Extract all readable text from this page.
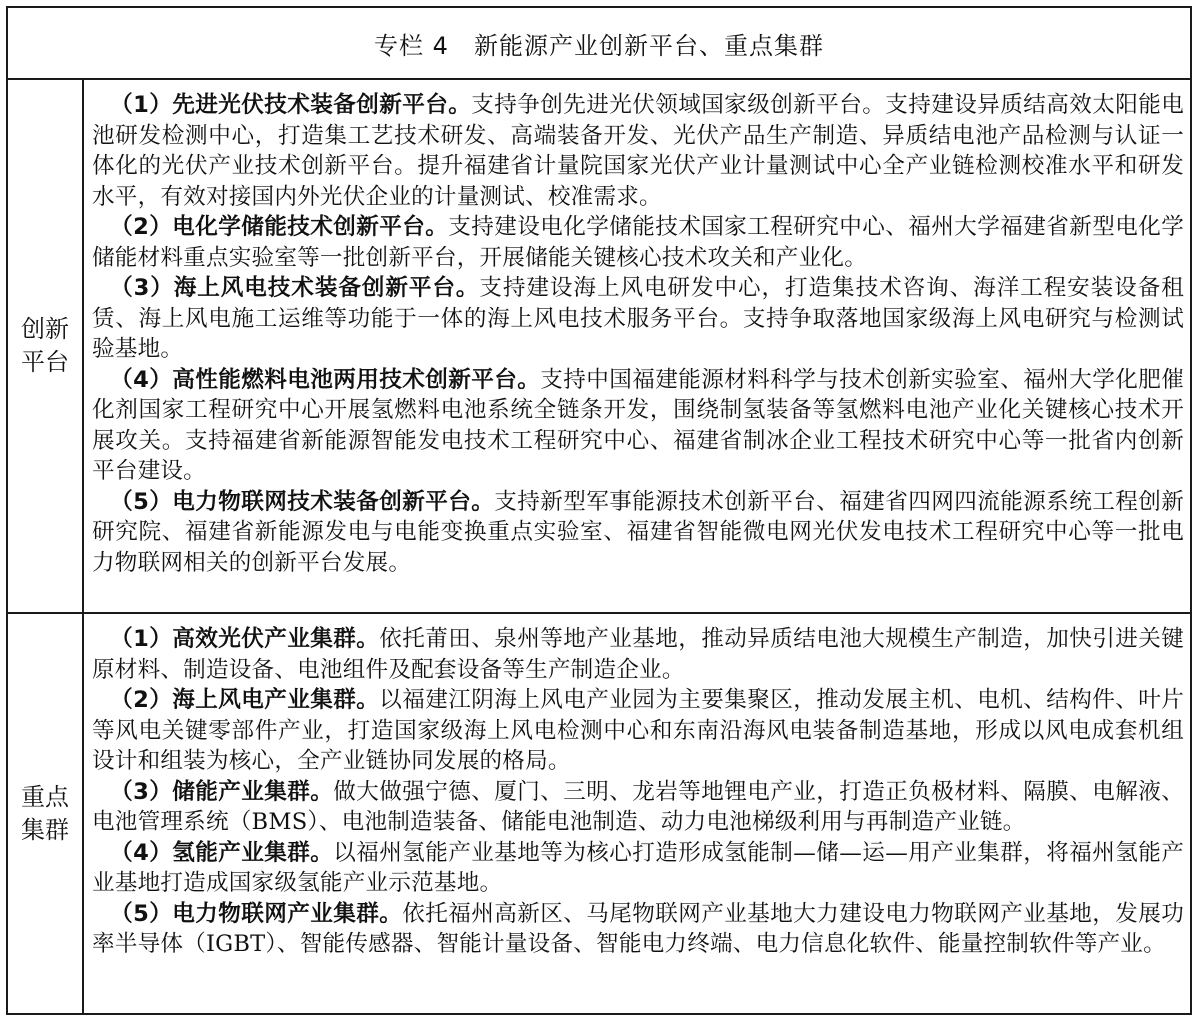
专栏 4　新能源产业创新平台、重点集群
创新平台

（1）先进光伏技术装备创新平台。支持争创先进光伏领域国家级创新平台。支持建设异质结高效太阳能电池研发检测中心，打造集工艺技术研发、高端装备开发、光伏产品生产制造、异质结电池产品检测与认证一体化的光伏产业技术创新平台。提升福建省计量院国家光伏产业计量测试中心全产业链检测校准水平和研发水平，有效对接国内外光伏企业的计量测试、校准需求。

（2）电化学储能技术创新平台。支持建设电化学储能技术国家工程研究中心、福州大学福建省新型电化学储能材料重点实验室等一批创新平台，开展储能关键核心技术攻关和产业化。

（3）海上风电技术装备创新平台。支持建设海上风电研发中心，打造集技术咨询、海洋工程安装设备租赁、海上风电施工运维等功能于一体的海上风电技术服务平台。支持争取落地国家级海上风电研究与检测试验基地。

（4）高性能燃料电池两用技术创新平台。支持中国福建能源材料科学与技术创新实验室、福州大学化肥催化剂国家工程研究中心开展氢燃料电池系统全链条开发，围绕制氢装备等氢燃料电池产业化关键核心技术开展攻关。支持福建省新能源智能发电技术工程研究中心、福建省制冰企业工程技术研究中心等一批省内创新平台建设。

（5）电力物联网技术装备创新平台。支持新型军事能源技术创新平台、福建省四网四流能源系统工程创新研究院、福建省新能源发电与电能变换重点实验室、福建省智能微电网光伏发电技术工程研究中心等一批电力物联网相关的创新平台发展。

重点集群

（1）高效光伏产业集群。依托莆田、泉州等地产业基地，推动异质结电池大规模生产制造，加快引进关键原材料、制造设备、电池组件及配套设备等生产制造企业。

（2）海上风电产业集群。以福建江阴海上风电产业园为主要集聚区，推动发展主机、电机、结构件、叶片等风电关键零部件产业，打造国家级海上风电检测中心和东南沿海风电装备制造基地，形成以风电成套机组设计和组装为核心，全产业链协同发展的格局。

（3）储能产业集群。做大做强宁德、厦门、三明、龙岩等地锂电产业，打造正负极材料、隔膜、电解液、电池管理系统（BMS）、电池制造装备、储能电池制造、动力电池梯级利用与再制造产业链。

（4）氢能产业集群。以福州氢能产业基地等为核心打造形成氢能制—储—运—用产业集群，将福州氢能产业基地打造成国家级氢能产业示范基地。

（5）电力物联网产业集群。依托福州高新区、马尾物联网产业基地大力建设电力物联网产业基地，发展功率半导体（IGBT）、智能传感器、智能计量设备、智能电力终端、电力信息化软件、能量控制软件等产业。
